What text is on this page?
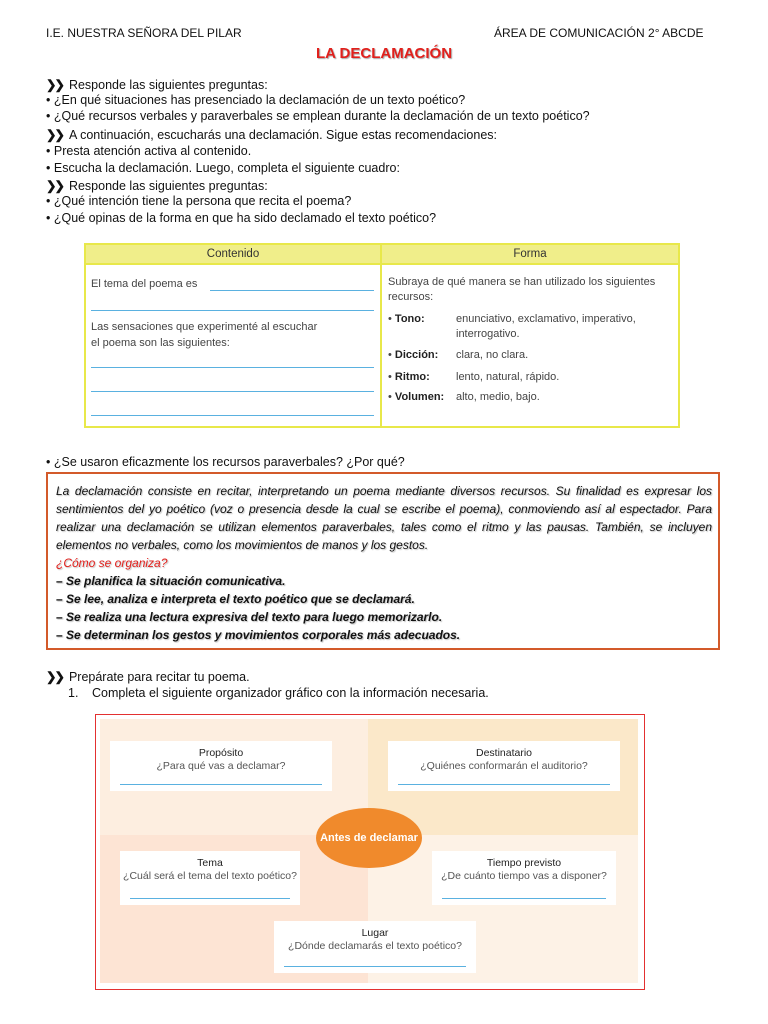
I.E. NUESTRA SEÑORA DEL PILAR	ÁREA DE COMUNICACIÓN 2° ABCDE
LA DECLAMACIÓN
❯❯ Responde las siguientes preguntas:
• ¿En qué situaciones has presenciado la declamación de un texto poético?
• ¿Qué recursos verbales y paraverbales se emplean durante la declamación de un texto poético?
❯❯ A continuación, escucharás una declamación. Sigue estas recomendaciones:
• Presta atención activa al contenido.
• Escucha la declamación. Luego, completa el siguiente cuadro:
❯❯ Responde las siguientes preguntas:
• ¿Qué intención tiene la persona que recita el poema?
• ¿Qué opinas de la forma en que ha sido declamado el texto poético?
Contenido	Forma
El tema del poema es
Las sensaciones que experimenté al escuchar
el poema son las siguientes:
Subraya de qué manera se han utilizado los siguientes
recursos:
• Tono:	enunciativo, exclamativo, imperativo,
interrogativo.
• Dicción: clara, no clara.
• Ritmo: lento, natural, rápido.
• Volumen: alto, medio, bajo.
• ¿Se usaron eficazmente los recursos paraverbales? ¿Por qué?

La declamación consiste en recitar, interpretando un poema mediante diversos recursos. Su finalidad es expresar los sentimientos del yo poético (voz o presencia desde la cual se escribe el poema), conmoviendo así al espectador. Para realizar una declamación se utilizan elementos paraverbales, tales como el ritmo y las pausas. También, se incluyen elementos no verbales, como los movimientos de manos y los gestos.

¿Cómo se organiza?

– Se planifica la situación comunicativa.

– Se lee, analiza e interpreta el texto poético que se declamará.

– Se realiza una lectura expresiva del texto para luego memorizarlo.

– Se determinan los gestos y movimientos corporales más adecuados.

❯❯ Prepárate para recitar tu poema.
1. Completa el siguiente organizador gráfico con la información necesaria.
Propósito
¿Para qué vas a declamar?
Destinatario
¿Quiénes conformarán el auditorio?
Tema
¿Cuál será el tema del texto poético?
Tiempo previsto
¿De cuánto tiempo vas a disponer?
Lugar
¿Dónde declamarás el texto poético?
Antes de declamar
